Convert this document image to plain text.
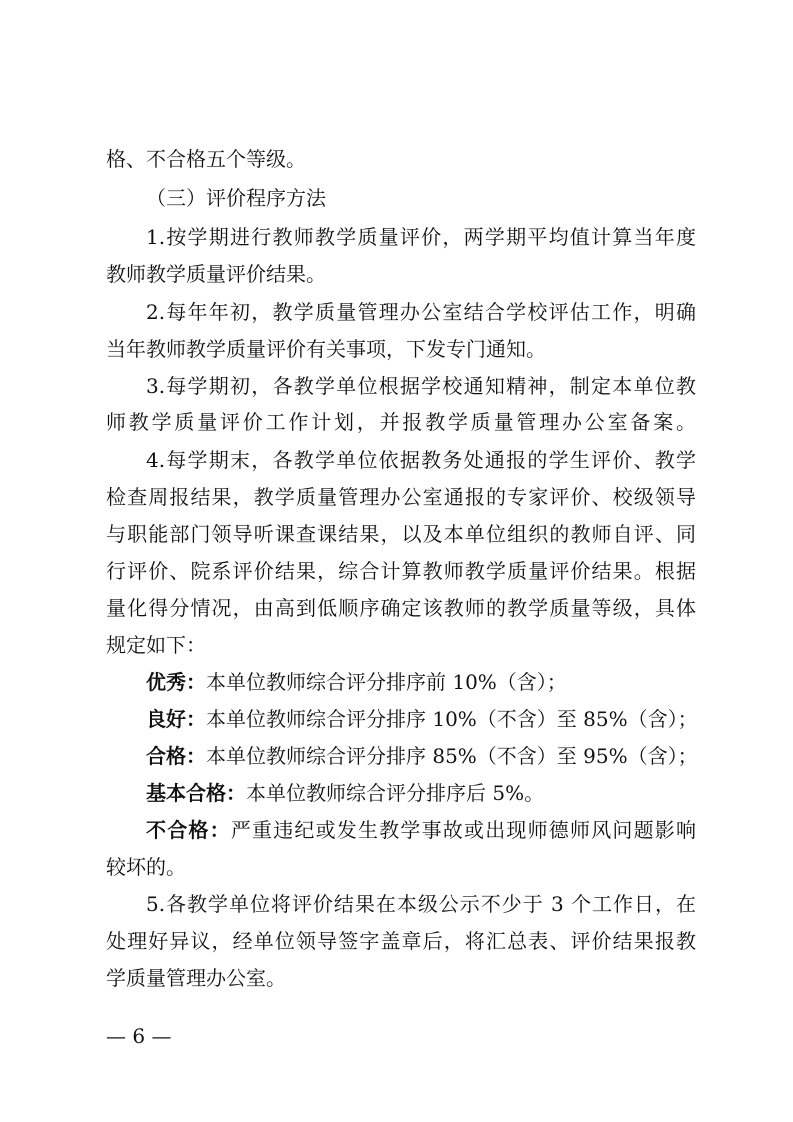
格、不合格五个等级。
（三）评价程序方法
1.按学期进行教师教学质量评价，两学期平均值计算当年度
教师教学质量评价结果。
2.每年年初，教学质量管理办公室结合学校评估工作，明确
当年教师教学质量评价有关事项，下发专门通知。
3.每学期初，各教学单位根据学校通知精神，制定本单位教
师教学质量评价工作计划，并报教学质量管理办公室备案。
4.每学期末，各教学单位依据教务处通报的学生评价、教学
检查周报结果，教学质量管理办公室通报的专家评价、校级领导
与职能部门领导听课查课结果，以及本单位组织的教师自评、同
行评价、院系评价结果，综合计算教师教学质量评价结果。根据
量化得分情况，由高到低顺序确定该教师的教学质量等级，具体
规定如下：
优秀：本单位教师综合评分排序前 10%（含）；
良好：本单位教师综合评分排序 10%（不含）至 85%（含）；
合格：本单位教师综合评分排序 85%（不含）至 95%（含）；
基本合格：本单位教师综合评分排序后 5%。
不合格：严重违纪或发生教学事故或出现师德师风问题影响
较坏的。
5.各教学单位将评价结果在本级公示不少于 3 个工作日，在
处理好异议，经单位领导签字盖章后，将汇总表、评价结果报教
学质量管理办公室。
— 6 —
